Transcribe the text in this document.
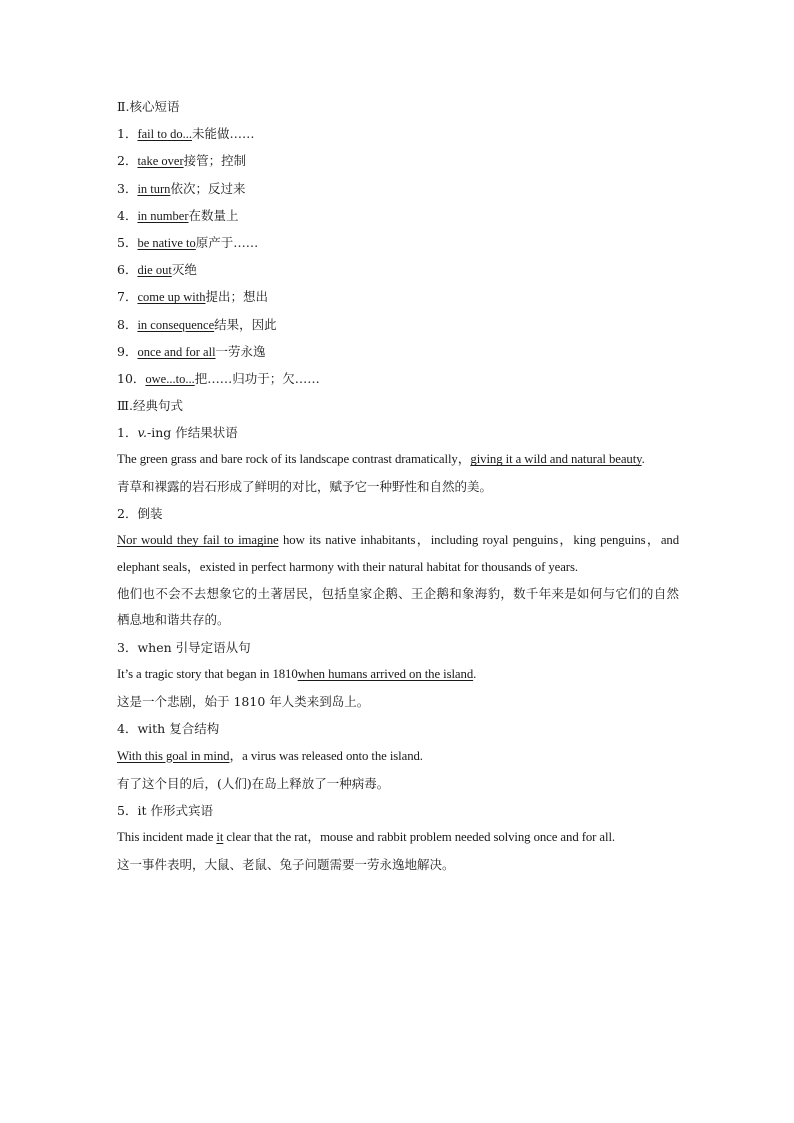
Ⅱ.核心短语
1．fail to do...未能做……
2．take over接管；控制
3．in turn依次；反过来
4．in number在数量上
5．be native to原产于……
6．die out灭绝
7．come up with提出；想出
8．in consequence结果，因此
9．once and for all一劳永逸
10．owe...to...把……归功于；欠……
Ⅲ.经典句式
1．v.-ing 作结果状语
The green grass and bare rock of its landscape contrast dramatically，giving it a wild and natural beauty.
青草和裸露的岩石形成了鲜明的对比，赋予它一种野性和自然的美。
2．倒装
Nor would they fail to imagine how its native inhabitants，including royal penguins，king penguins，and elephant seals，existed in perfect harmony with their natural habitat for thousands of years.
他们也不会不去想象它的土著居民，包括皇家企鹅、王企鹅和象海豹，数千年来是如何与它们的自然栖息地和谐共存的。
3．when 引导定语从句
It’s a tragic story that began in 1810when humans arrived on the island.
这是一个悲剧，始于 1810 年人类来到岛上。
4．with 复合结构
With this goal in mind，a virus was released onto the island.
有了这个目的后，(人们)在岛上释放了一种病毒。
5．it 作形式宾语
This incident made it clear that the rat，mouse and rabbit problem needed solving once and for all.
这一事件表明，大鼠、老鼠、兔子问题需要一劳永逸地解决。
